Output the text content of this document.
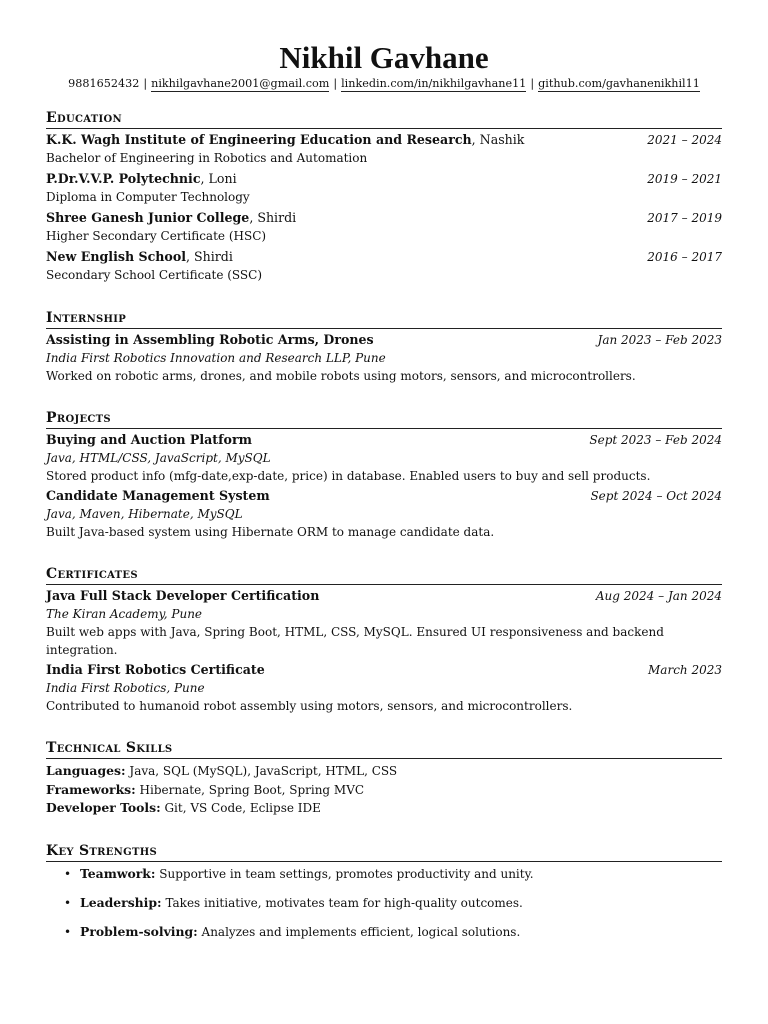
Nikhil Gavhane
9881652432 | nikhilgavhane2001@gmail.com | linkedin.com/in/nikhilgavhane11 | github.com/gavhanenikhil11
Education
K.K. Wagh Institute of Engineering Education and Research, Nashik	2021 – 2024
Bachelor of Engineering in Robotics and Automation
P.Dr.V.V.P. Polytechnic, Loni	2019 – 2021
Diploma in Computer Technology
Shree Ganesh Junior College, Shirdi	2017 – 2019
Higher Secondary Certificate (HSC)
New English School, Shirdi	2016 – 2017
Secondary School Certificate (SSC)
Internship
Assisting in Assembling Robotic Arms, Drones	Jan 2023 – Feb 2023
India First Robotics Innovation and Research LLP, Pune
Worked on robotic arms, drones, and mobile robots using motors, sensors, and microcontrollers.
Projects
Buying and Auction Platform	Sept 2023 – Feb 2024
Java, HTML/CSS, JavaScript, MySQL
Stored product info (mfg-date,exp-date, price) in database. Enabled users to buy and sell products.
Candidate Management System	Sept 2024 – Oct 2024
Java, Maven, Hibernate, MySQL
Built Java-based system using Hibernate ORM to manage candidate data.
Certificates
Java Full Stack Developer Certification	Aug 2024 – Jan 2024
The Kiran Academy, Pune
Built web apps with Java, Spring Boot, HTML, CSS, MySQL. Ensured UI responsiveness and backend integration.
India First Robotics Certificate	March 2023
India First Robotics, Pune
Contributed to humanoid robot assembly using motors, sensors, and microcontrollers.
Technical Skills
Languages: Java, SQL (MySQL), JavaScript, HTML, CSS
Frameworks: Hibernate, Spring Boot, Spring MVC
Developer Tools: Git, VS Code, Eclipse IDE
Key Strengths
• Teamwork: Supportive in team settings, promotes productivity and unity.
• Leadership: Takes initiative, motivates team for high-quality outcomes.
• Problem-solving: Analyzes and implements efficient, logical solutions.
